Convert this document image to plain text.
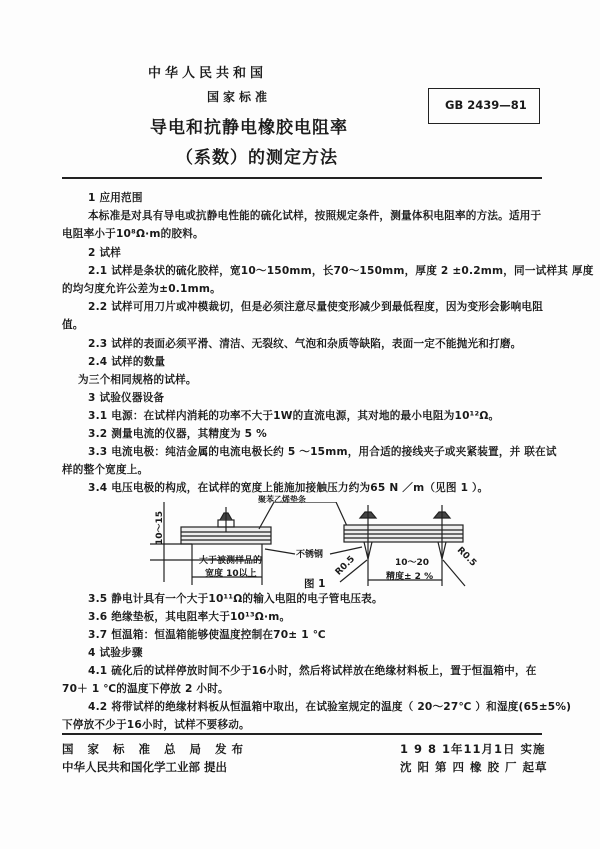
中华人民共和国
国家标准
导电和抗静电橡胶电阻率
（系数）的测定方法
GB 2439—81
1 应用范围
本标准是对具有导电或抗静电性能的硫化试样，按照规定条件，测量体积电阻率的方法。适用于
电阻率小于10⁸Ω·m的胶料。
2 试样
2.1 试样是条状的硫化胶样，宽10～150mm，长70～150mm，厚度 2 ±0.2mm，同一试样其 厚度
的均匀度允许公差为±0.1mm。
2.2 试样可用刀片或冲模裁切，但是必须注意尽量使变形减少到最低程度，因为变形会影响电阻
值。
2.3 试样的表面必须平滑、清洁、无裂纹、气泡和杂质等缺陷，表面一定不能抛光和打磨。
2.4 试样的数量
为三个相同规格的试样。
3 试验仪器设备
3.1 电源：在试样内消耗的功率不大于1W的直流电源，其对地的最小电阻为10¹²Ω。
3.2 测量电流的仪器，其精度为 5 %
3.3 电流电极：纯洁金属的电流电极长约 5 ～15mm，用合适的接线夹子或夹紧装置，并 联在试
样的整个宽度上。
3.4 电压电极的构成，在试样的宽度上能施加接触压力约为65 N ／m（见图 1 ）。
聚苯乙烯垫条
10～15
不锈钢
大于被测样品的
宽度 10以上	R0.5	R0.5
10～20
精度± 2 %
图 1
3.5 静电计具有一个大于10¹¹Ω的输入电阻的电子管电压表。
3.6 绝缘垫板，其电阻率大于10¹³Ω·m。
3.7 恒温箱：恒温箱能够使温度控制在70± 1 ℃
4 试验步骤
4.1 硫化后的试样停放时间不少于16小时，然后将试样放在绝缘材料板上，置于恒温箱中，在
70＋ 1 ℃的温度下停放 2 小时。
4.2 将带试样的绝缘材料板从恒温箱中取出，在试验室规定的温度（ 20～27℃ ）和湿度(65±5%)
下停放不少于16小时，试样不要移动。
国 家 标 准 总 局 发布
中华人民共和国化学工业部 提出
1 9 8 1年11月1日 实施
沈 阳 第 四 橡 胶 厂 起草
